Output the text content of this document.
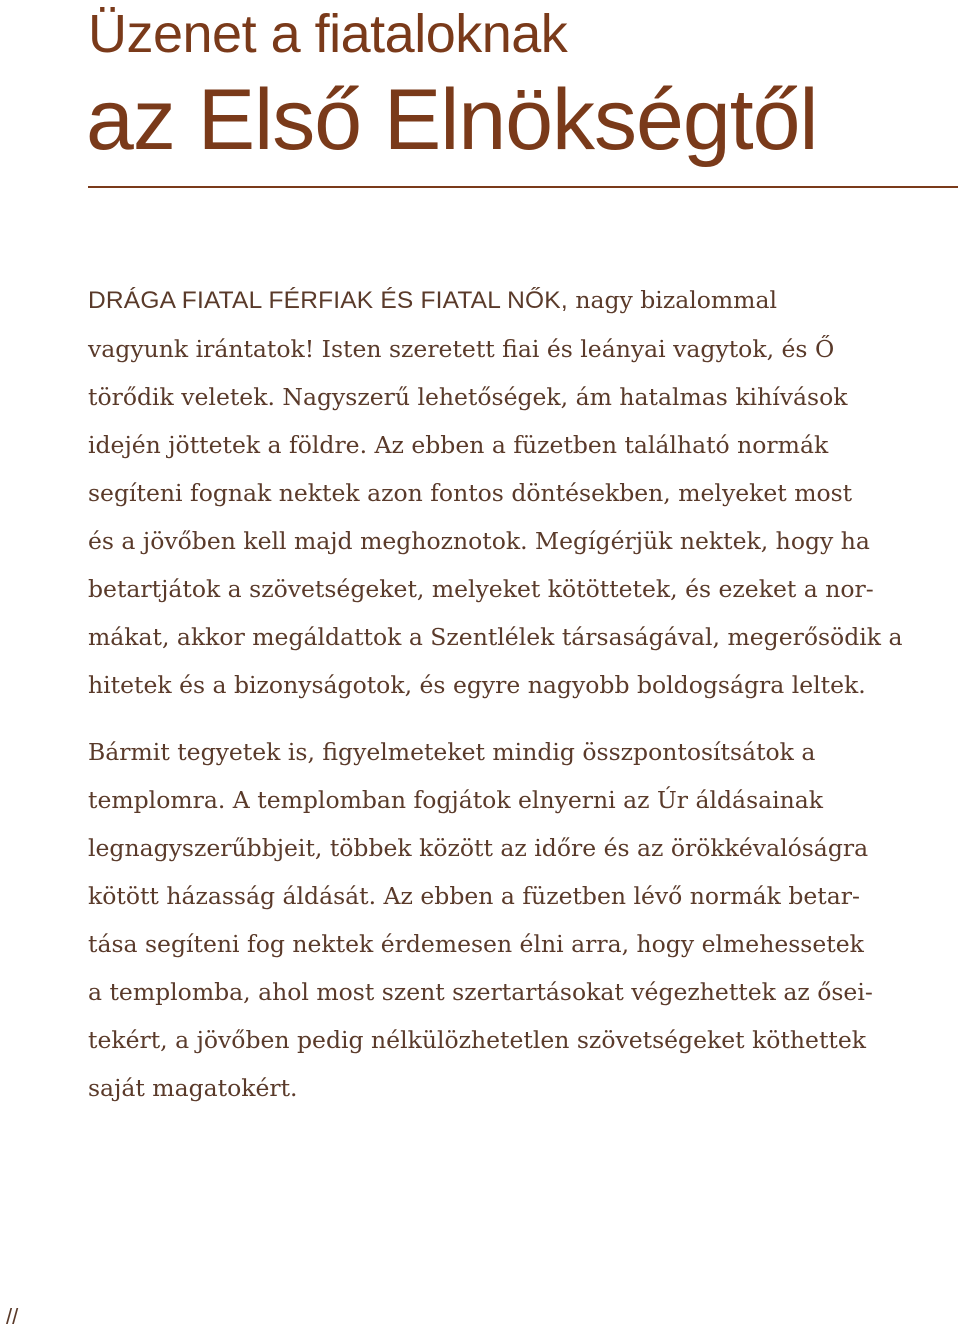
Üzenet a fiataloknak
az Első Elnökségtől

DRÁGA FIATAL FÉRFIAK ÉS FIATAL NŐK, nagy bizalommal
vagyunk irántatok! Isten szeretett fiai és leányai vagytok, és Ő
törődik veletek. Nagyszerű lehetőségek, ám hatalmas kihívások
idején jöttetek a földre. Az ebben a füzetben található normák
segíteni fognak nektek azon fontos döntésekben, melyeket most
és a jövőben kell majd meghoznotok. Megígérjük nektek, hogy ha
betartjátok a szövetségeket, melyeket kötöttetek, és ezeket a nor-
mákat, akkor megáldattok a Szentlélek társaságával, megerősödik a
hitetek és a bizonyságotok, és egyre nagyobb boldogságra leltek.

Bármit tegyetek is, figyelmeteket mindig összpontosítsátok a
templomra. A templomban fogjátok elnyerni az Úr áldásainak
legnagyszerűbbjeit, többek között az időre és az örökkévalóságra
kötött házasság áldását. Az ebben a füzetben lévő normák betar-
tása segíteni fog nektek érdemesen élni arra, hogy elmehessetek
a templomba, ahol most szent szertartásokat végezhettek az ősei-
tekért, a jövőben pedig nélkülözhetetlen szövetségeket köthettek
saját magatokért.

//
